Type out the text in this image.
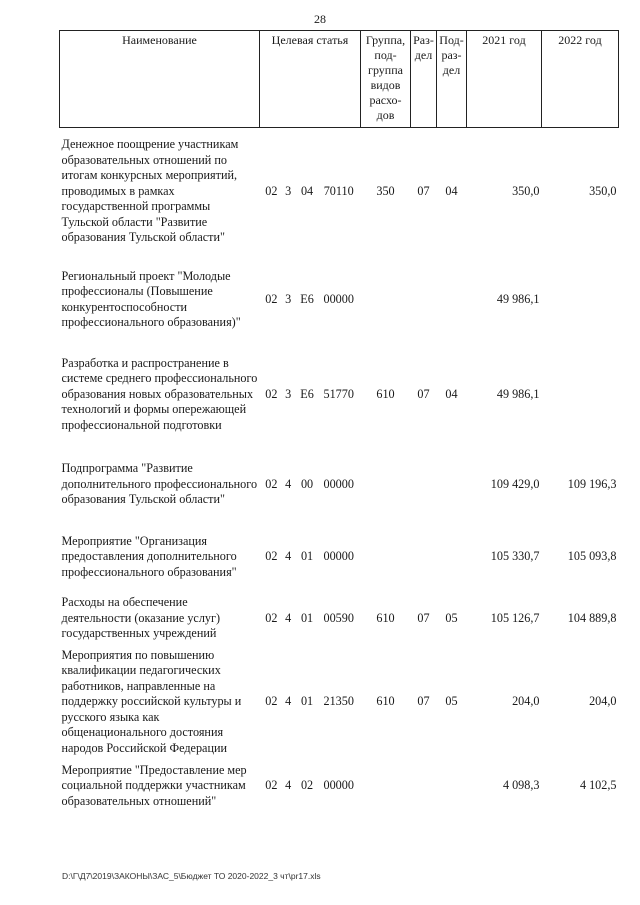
28
Наименование	Целевая статья	Группа, под- группа видов расхо- дов	Раз- дел	Под- раз- дел	2021 год	2022 год
Денежное поощрение участникам образовательных отношений по итогам конкурсных мероприятий, проводимых в рамках государственной программы Тульской области "Развитие образования Тульской области"	02 3 04 70110	350	07	04	350,0	350,0
Региональный проект "Молодые профессионалы (Повышение конкурентоспособности профессионального образования)"	02 3 E6 00000				49 986,1	
Разработка и распространение в системе среднего профессионального образования новых образовательных технологий и формы опережающей профессиональной подготовки	02 3 E6 51770	610	07	04	49 986,1	
Подпрограмма "Развитие дополнительного профессионального образования Тульской области"	02 4 00 00000				109 429,0	109 196,3
Мероприятие "Организация предоставления дополнительного профессионального образования"	02 4 01 00000				105 330,7	105 093,8
Расходы на обеспечение деятельности (оказание услуг) государственных учреждений	02 4 01 00590	610	07	05	105 126,7	104 889,8
Мероприятия по повышению квалификации педагогических работников, направленные на поддержку российской культуры и русского языка как общенационального достояния народов Российской Федерации	02 4 01 21350	610	07	05	204,0	204,0
Мероприятие "Предоставление мер социальной поддержки участникам образовательных отношений"	02 4 02 00000				4 098,3	4 102,5
D:\Г\Д7\2019\ЗАКОНЫ\ЗАС_5\Бюджет ТО 2020-2022_3 чт\pr17.xls
